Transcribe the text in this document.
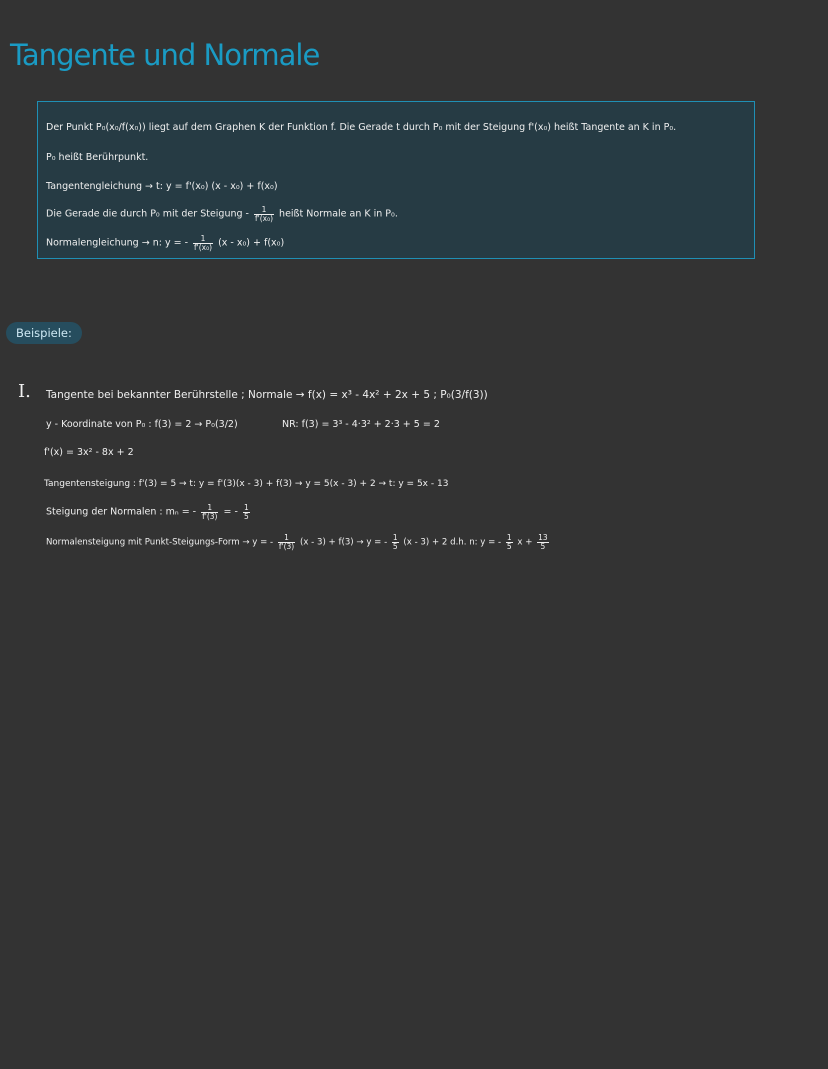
Tangente und Normale
Der Punkt P₀(x₀/f(x₀)) liegt auf dem Graphen K der Funktion f. Die Gerade t durch P₀ mit der Steigung f'(x₀) heißt Tangente an K in P₀.
P₀ heißt Berührpunkt.
Tangentengleichung → t: y = f'(x₀) (x - x₀) + f(x₀)
Die Gerade die durch P₀ mit der Steigung - $\frac{1}{\text{f'(x₀)}}$ heißt Normale an K in P₀.
Normalengleichung → n: y = - $\frac{1}{\text{f'(x₀)}} (x - x_0) + f(x_0)$
Beispiele:
I. Tangente bei bekannter Berührstelle ; Normale → f(x) = x³ - 4x² + 2x + 5 ; P₀(3/f(3))
y - Koordinate von P₀ : f(3) = 2 → P₀(3/2)	NR: f(3) = 3³ - 4·3² + 2·3 + 5 = 2
f'(x) = 3x² - 8x + 2
Tangentensteigung : f'(3) = 5 → t: y = f'(3)(x - 3) + f(3) → y = 5(x - 3) + 2 → t: y = 5x - 13
Steigung der Normalen : mₙ = - $\frac{1}{f'(3)}$ = - $\frac{1}{5}$
Normalensteigung mit Punkt-Steigungs-Form → y = - $\frac{1}{f'(3)} (x - 3) + f(3) \to y$ = - $\frac{1}{5} (x - 3) + 2$ d.h. n: y = - $\frac{1}{5}$ $x + \frac{13}{5}$
